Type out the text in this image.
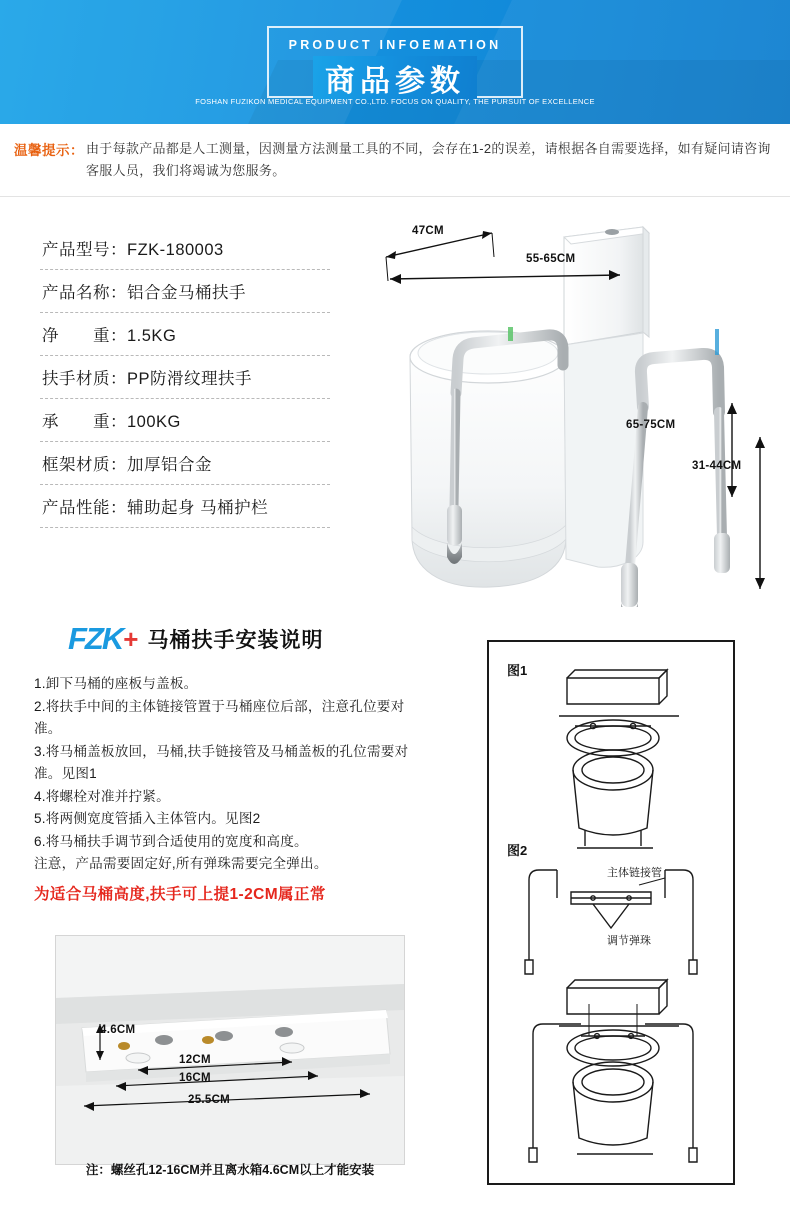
PRODUCT INFOEMATION
商品参数
FOSHAN FUZIKON MEDICAL EQUIPMENT CO.,LTD. FOCUS ON QUALITY, THE PURSUIT OF EXCELLENCE
温馨提示： 由于每款产品都是人工测量，因测量方法测量工具的不同，会存在1-2的误差，请根据各自需要选择，如有疑问请咨询客服人员，我们将竭诚为您服务。
产品型号：FZK-180003
产品名称：铝合金马桶扶手
净　　重：1.5KG
扶手材质：PP防滑纹理扶手
承　　重：100KG
框架材质：加厚铝合金
产品性能：辅助起身 马桶护栏
47CM
55-65CM
65-75CM
31-44CM
FZK + 马桶扶手安装说明
1.卸下马桶的座板与盖板。
2.将扶手中间的主体链接管置于马桶座位后部，注意孔位要对准。
3.将马桶盖板放回，马桶,扶手链接管及马桶盖板的孔位需要对准。见图1
4.将螺栓对准并拧紧。
5.将两侧宽度管插入主体管内。见图2
6.将马桶扶手调节到合适使用的宽度和高度。
注意，产品需要固定好,所有弹珠需要完全弹出。
为适合马桶高度,扶手可上提1-2CM属正常
4.6CM
12CM
16CM
25.5CM
注：螺丝孔12-16CM并且离水箱4.6CM以上才能安装
图1
图2
主体链接管
调节弹珠
